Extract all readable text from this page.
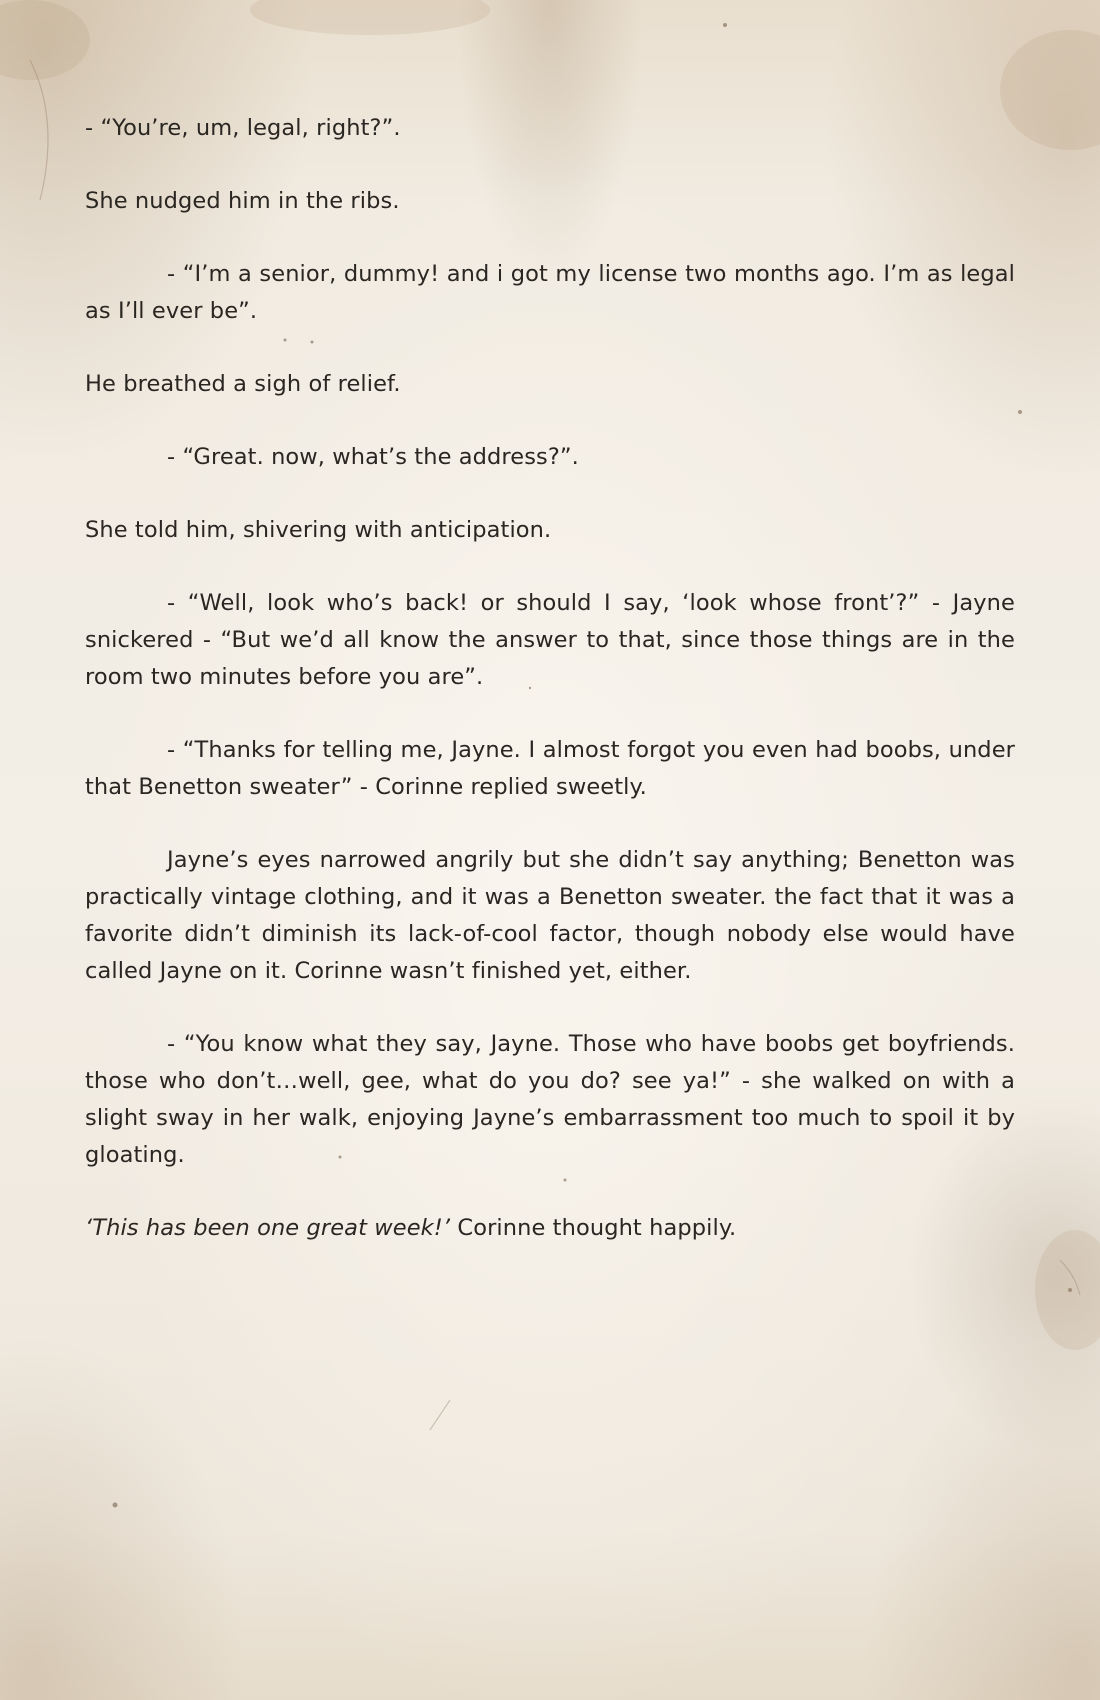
- “You’re, um, legal, right?”.

She nudged him in the ribs.

- “I’m a senior, dummy! and i got my license two months ago. I’m as legal as I’ll ever be”.

He breathed a sigh of relief.

- “Great. now, what’s the address?”.

She told him, shivering with anticipation.

- “Well, look who’s back! or should I say, ‘look whose front’?” - Jayne snickered - “But we’d all know the answer to that, since those things are in the room two minutes before you are”.

- “Thanks for telling me, Jayne. I almost forgot you even had boobs, under that Benetton sweater” - Corinne replied sweetly.

Jayne’s eyes narrowed angrily but she didn’t say anything; Benetton was practically vintage clothing, and it was a Benetton sweater. the fact that it was a favorite didn’t diminish its lack-of-cool factor, though nobody else would have called Jayne on it. Corinne wasn’t finished yet, either.

- “You know what they say, Jayne. Those who have boobs get boyfriends. those who don’t…well, gee, what do you do? see ya!” - she walked on with a slight sway in her walk, enjoying Jayne’s embarrassment too much to spoil it by gloating.

‘This has been one great week!’ Corinne thought happily.
